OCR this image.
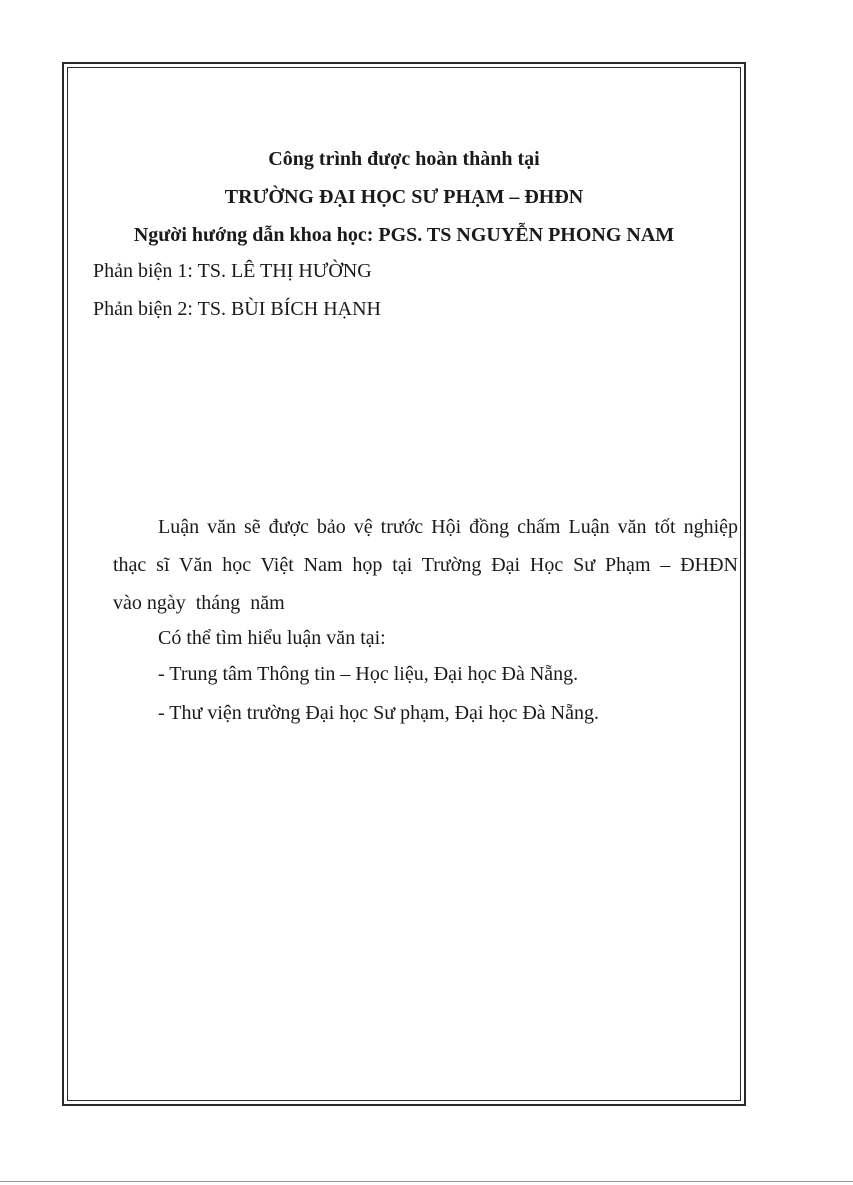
Công trình được hoàn thành tại
TRƯỜNG ĐẠI HỌC SƯ PHẠM – ĐHĐN
Người hướng dẫn khoa học: PGS. TS NGUYỄN PHONG NAM
Phản biện 1: TS. LÊ THỊ HƯỜNG
Phản biện 2: TS. BÙI BÍCH HẠNH
Luận văn sẽ được bảo vệ trước Hội đồng chấm Luận văn tốt nghiệp
thạc sĩ Văn học Việt Nam họp tại Trường Đại Học Sư Phạm – ĐHĐN
vào ngày  tháng  năm
Có thể tìm hiểu luận văn tại:
- Trung tâm Thông tin – Học liệu, Đại học Đà Nẵng.
- Thư viện trường Đại học Sư phạm, Đại học Đà Nẵng.
